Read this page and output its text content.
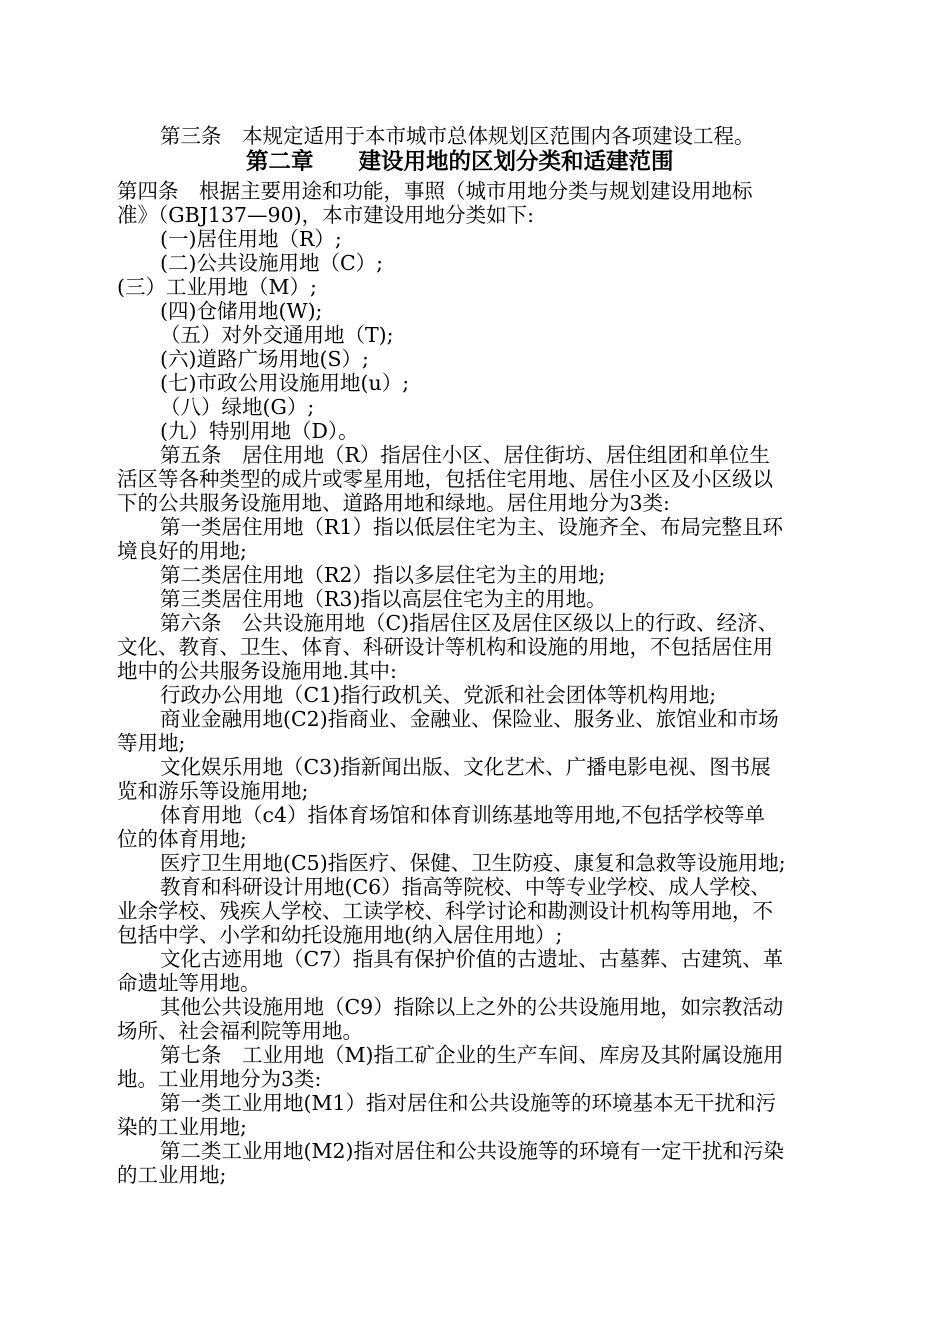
第三条　本规定适用于本市城市总体规划区范围内各项建设工程。
第二章　　建设用地的区划分类和适建范围
第四条　根据主要用途和功能，事照（城市用地分类与规划建设用地标
准》（GBJ137—90)，本市建设用地分类如下:
(一)居住用地（R）;
(二)公共设施用地（C）;
(三）工业用地（M）;
(四)仓储用地(W);
（五）对外交通用地（T);
(六)道路广场用地(S）;
(七)市政公用设施用地(u）;
（八）绿地(G）;
(九）特别用地（D）。
第五条　居住用地（R）指居住小区、居住街坊、居住组团和单位生
活区等各种类型的成片或零星用地，包括住宅用地、居住小区及小区级以
下的公共服务设施用地、道路用地和绿地。居住用地分为3类:
第一类居住用地（R1）指以低层住宅为主、设施齐全、布局完整且环
境良好的用地;
第二类居住用地（R2）指以多层住宅为主的用地;
第三类居住用地（R3)指以高层住宅为主的用地。
第六条　公共设施用地（C)指居住区及居住区级以上的行政、经济、
文化、教育、卫生、体育、科研设计等机构和设施的用地，不包括居住用
地中的公共服务设施用地.其中:
行政办公用地（C1)指行政机关、党派和社会团体等机构用地;
商业金融用地(C2)指商业、金融业、保险业、服务业、旅馆业和市场
等用地;
文化娱乐用地（C3)指新闻出版、文化艺术、广播电影电视、图书展
览和游乐等设施用地;
体育用地（c4）指体育场馆和体育训练基地等用地,不包括学校等单
位的体育用地;
医疗卫生用地(C5)指医疗、保健、卫生防疫、康复和急救等设施用地;
教育和科研设计用地(C6）指高等院校、中等专业学校、成人学校、
业余学校、残疾人学校、工读学校、科学讨论和勘测设计机构等用地，不
包括中学、小学和幼托设施用地(纳入居住用地）;
文化古迹用地（C7）指具有保护价值的古遗址、古墓葬、古建筑、革
命遗址等用地。
其他公共设施用地（C9）指除以上之外的公共设施用地，如宗教活动
场所、社会福利院等用地。
第七条　工业用地（M)指工矿企业的生产车间、库房及其附属设施用
地。工业用地分为3类:
第一类工业用地(M1）指对居住和公共设施等的环境基本无干扰和污
染的工业用地;
第二类工业用地(M2)指对居住和公共设施等的环境有一定干扰和污染
的工业用地;
